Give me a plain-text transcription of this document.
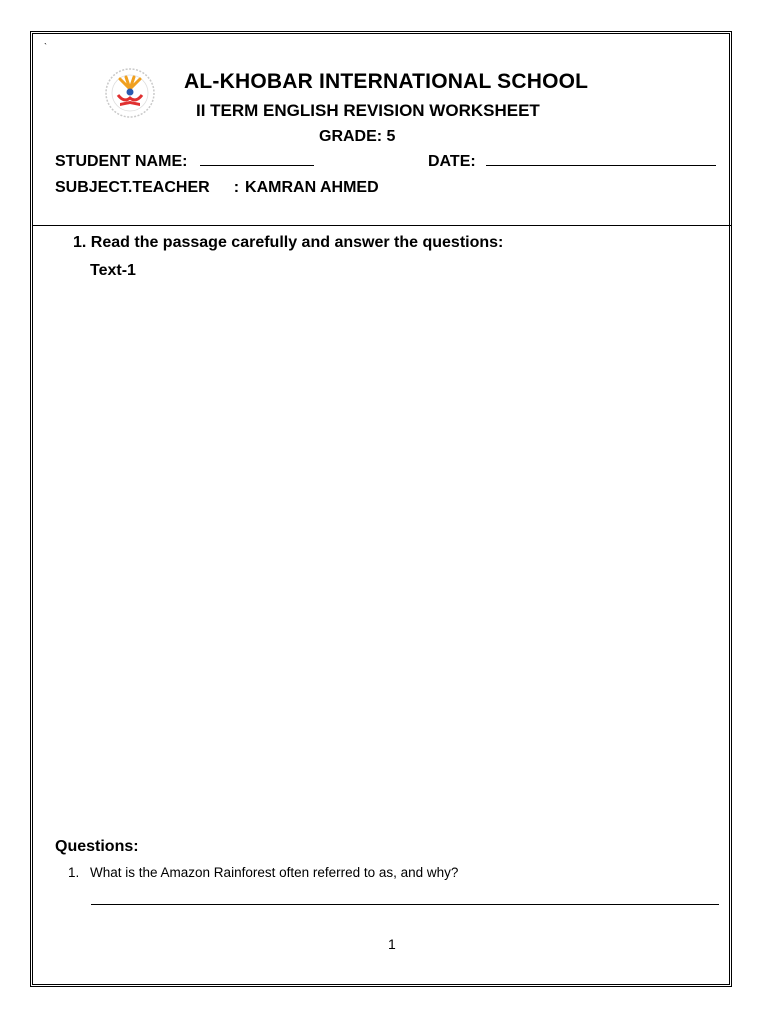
`
AL-KHOBAR INTERNATIONAL SCHOOL
II TERM ENGLISH REVISION WORKSHEET
GRADE: 5
STUDENT NAME:	DATE:
SUBJECT.TEACHER : KAMRAN AHMED
1. Read the passage carefully and answer the questions:
Text-1
Questions:
1. What is the Amazon Rainforest often referred to as, and why?
1
